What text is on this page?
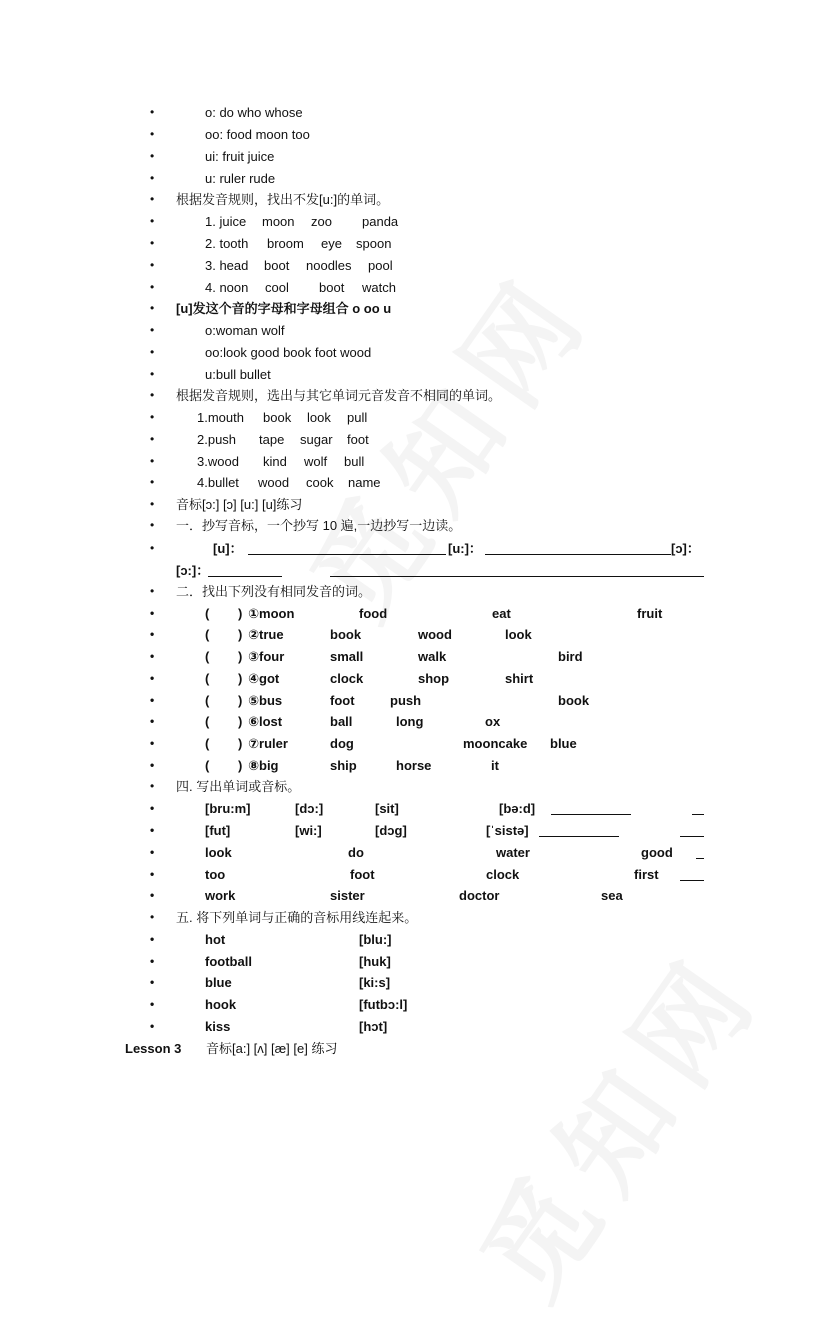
•	o: do who whose
•	oo: food moon too
•	ui: fruit juice
•	u: ruler rude
• 根据发音规则，找出不发[u:]的单词。
•	1. juice moon zoo panda
•	2. tooth broom eye spoon
•	3. head boot noodles pool
•	4. noon cool boot watch
• [u]发这个音的字母和字母组合 o oo u
•	o:woman wolf
•	oo:look good book foot wood
•	u:bull bullet
• 根据发音规则，选出与其它单词元音发音不相同的单词。
•	1.mouth book look pull
•	2.push tape sugar foot
•	3.wood kind wolf bull
•	4.bullet wood cook name
• 音标[ɔ:] [ɔ] [u:] [u]练习
• 一．抄写音标，一个抄写 10 遍,一边抄写一边读。
•	[u]：	[u:]：	[ɔ]：
[ɔ:]：
• 二．找出下列没有相同发音的词。
•	( ) ①moon	food	eat	fruit
•	( ) ②true	book	wood	look
•	( ) ③four	small	walk	bird
•	( ) ④got	clock	shop	shirt
•	( ) ⑤bus	foot	push	book
•	( ) ⑥lost	ball	long	ox
•	( ) ⑦ruler	dog	mooncake blue
•	( ) ⑧big	ship	horse	it
• 四. 写出单词或音标。
•	[bru:m]	[dɔ:]	[sit]	[bə:d]
•	[fut]	[wi:]	[dɔg]	[ˈsistə]
•	look	do	water	good
•	too	foot	clock	first
•	work	sister	doctor	sea
• 五. 将下列单词与正确的音标用线连起来。
•	hot	[blu:]
•	football	[huk]
•	blue	[ki:s]
•	hook	[futbɔ:l]
•	kiss	[hɔt]
Lesson 3 音标[a:] [ʌ] [æ] [e] 练习
